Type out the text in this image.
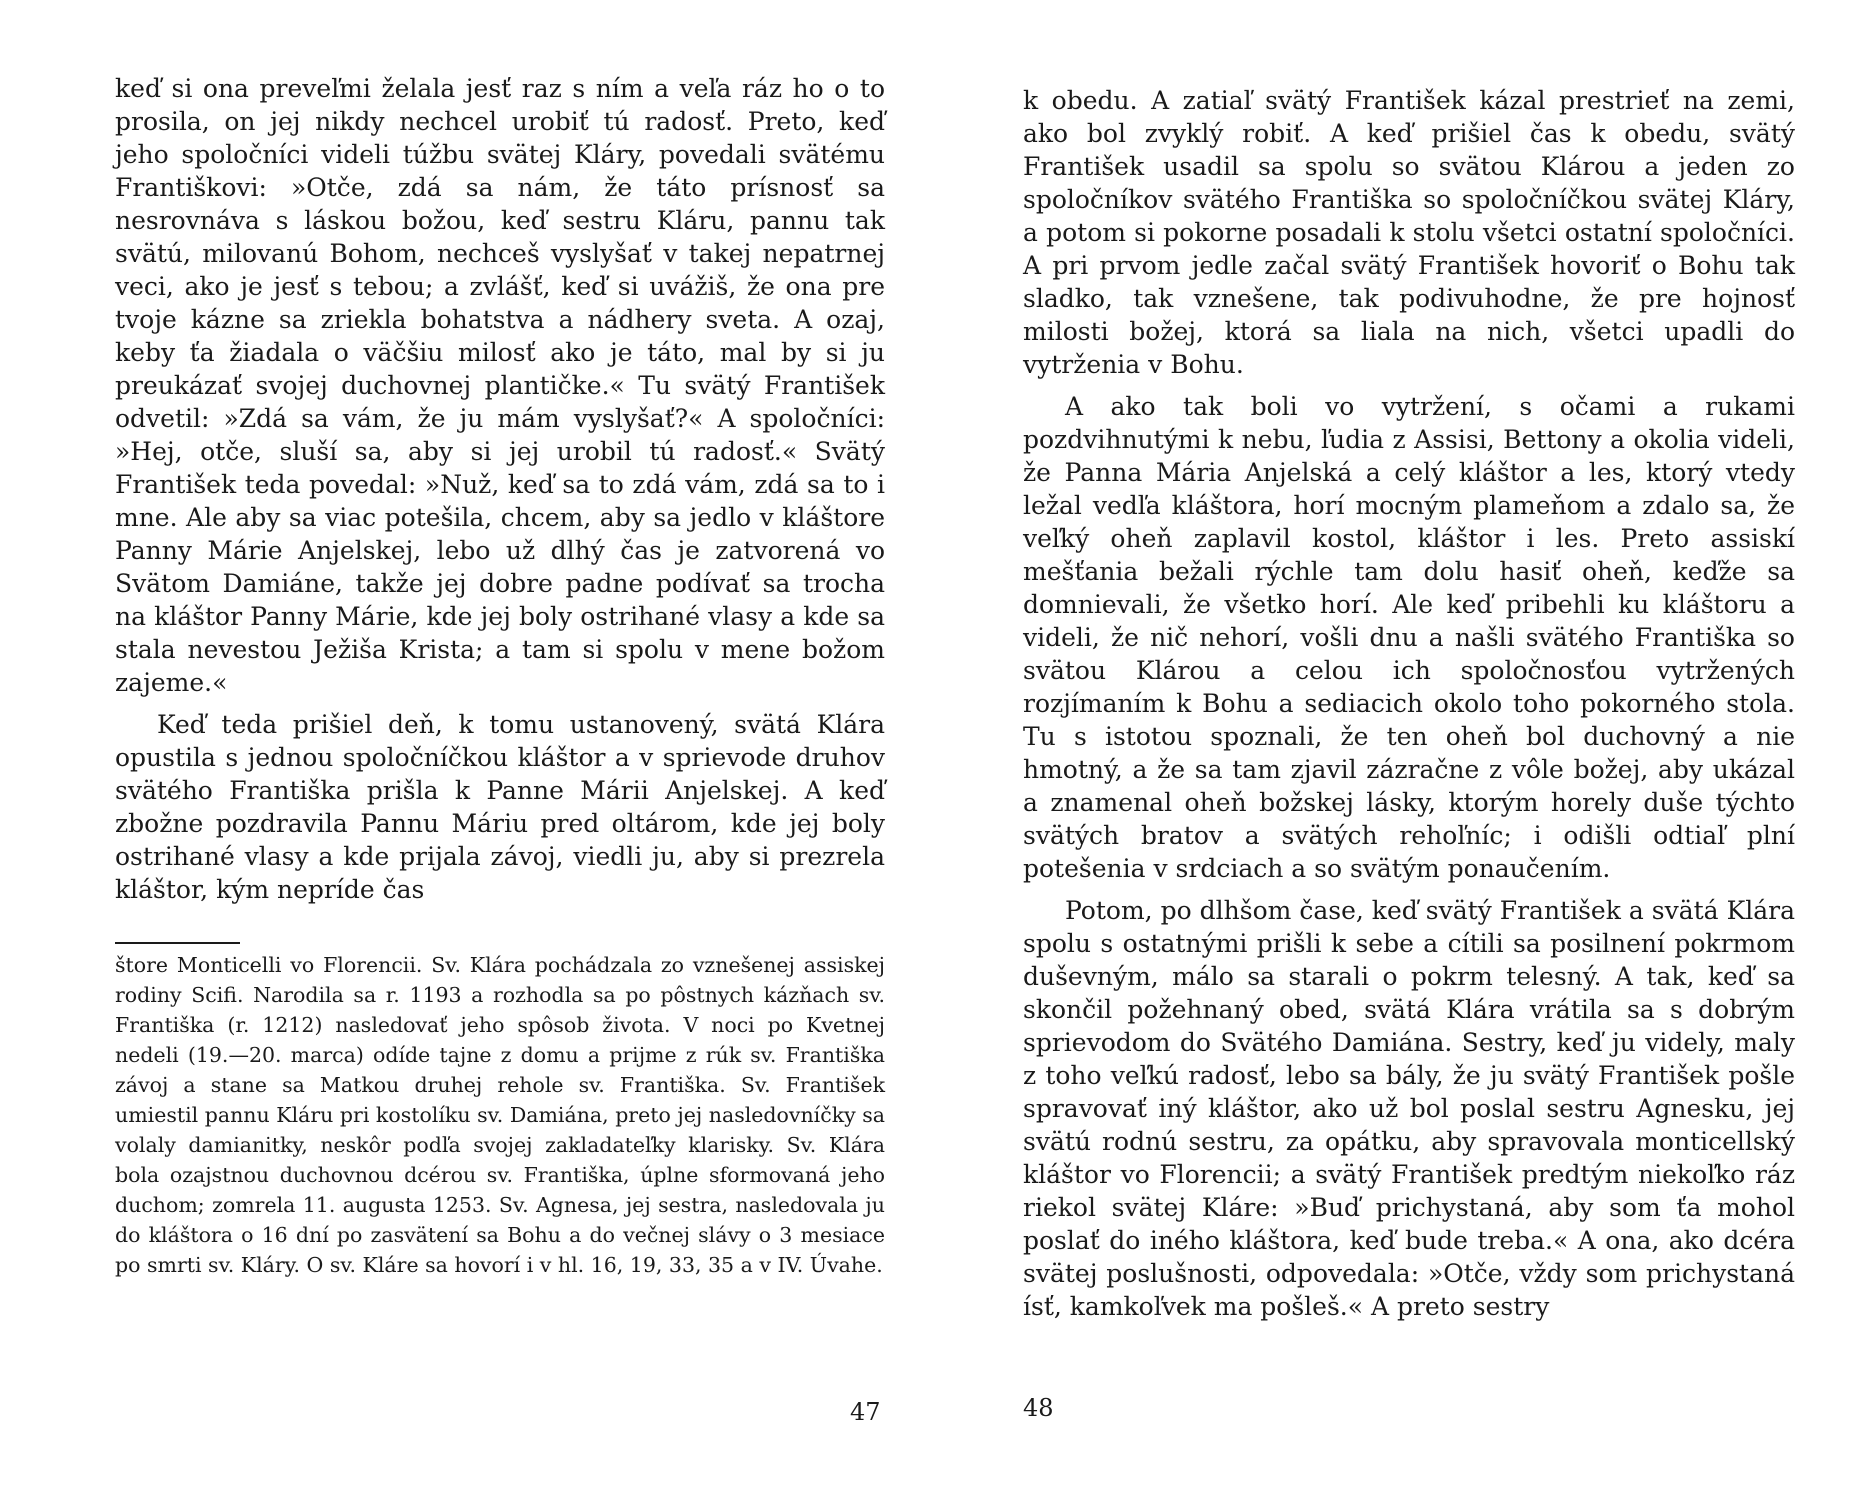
keď si ona preveľmi želala jesť raz s ním a veľa ráz ho o to prosila, on jej nikdy nechcel urobiť tú radosť. Preto, keď jeho spoločníci videli túžbu svätej Kláry, povedali svätému Františkovi: »Otče, zdá sa nám, že táto prísnosť sa nesrovnáva s láskou božou, keď sestru Kláru, pannu tak svätú, milovanú Bohom, nechceš vyslyšať v takej nepatrnej veci, ako je jesť s tebou; a zvlášť, keď si uvážiš, že ona pre tvoje kázne sa zriekla bohatstva a nádhery sveta. A ozaj, keby ťa žiadala o väčšiu milosť ako je táto, mal by si ju preukázať svojej duchovnej plantičke.« Tu svätý František odvetil: »Zdá sa vám, že ju mám vyslyšať?« A spoločníci: »Hej, otče, sluší sa, aby si jej urobil tú radosť.« Svätý František teda povedal: »Nuž, keď sa to zdá vám, zdá sa to i mne. Ale aby sa viac potešila, chcem, aby sa jedlo v kláštore Panny Márie Anjelskej, lebo už dlhý čas je zatvorená vo Svätom Damiáne, takže jej dobre padne podívať sa trocha na kláštor Panny Márie, kde jej boly ostrihané vlasy a kde sa stala nevestou Ježiša Krista; a tam si spolu v mene božom zajeme.«

Keď teda prišiel deň, k tomu ustanovený, svätá Klára opustila s jednou spoločníčkou kláštor a v sprievode druhov svätého Františka prišla k Panne Márii Anjelskej. A keď zbožne pozdravila Pannu Máriu pred oltárom, kde jej boly ostrihané vlasy a kde prijala závoj, viedli ju, aby si prezrela kláštor, kým nepríde čas

štore Monticelli vo Florencii. Sv. Klára pochádzala zo vznešenej assiskej rodiny Scifi. Narodila sa r. 1193 a rozhodla sa po pôstnych kázňach sv. Františka (r. 1212) nasledovať jeho spôsob života. V noci po Kvetnej nedeli (19.—20. marca) odíde tajne z domu a prijme z rúk sv. Františka závoj a stane sa Matkou druhej rehole sv. Františka. Sv. František umiestil pannu Kláru pri kostolíku sv. Damiána, preto jej nasledovníčky sa volaly damianitky, neskôr podľa svojej zakladateľky klarisky. Sv. Klára bola ozajstnou duchovnou dcérou sv. Františka, úplne sformovaná jeho duchom; zomrela 11. augusta 1253. Sv. Agnesa, jej sestra, nasledovala ju do kláštora o 16 dní po zasvätení sa Bohu a do večnej slávy o 3 mesiace po smrti sv. Kláry. O sv. Kláre sa hovorí i v hl. 16, 19, 33, 35 a v IV. Úvahe.

47

k obedu. A zatiaľ svätý František kázal prestrieť na zemi, ako bol zvyklý robiť. A keď prišiel čas k obedu, svätý František usadil sa spolu so svätou Klárou a jeden zo spoločníkov svätého Františka so spoločníčkou svätej Kláry, a potom si pokorne posadali k stolu všetci ostatní spoločníci. A pri prvom jedle začal svätý František hovoriť o Bohu tak sladko, tak vznešene, tak podivuhodne, že pre hojnosť milosti božej, ktorá sa liala na nich, všetci upadli do vytrženia v Bohu.

A ako tak boli vo vytržení, s očami a rukami pozdvihnutými k nebu, ľudia z Assisi, Bettony a okolia videli, že Panna Mária Anjelská a celý kláštor a les, ktorý vtedy ležal vedľa kláštora, horí mocným plameňom a zdalo sa, že veľký oheň zaplavil kostol, kláštor i les. Preto assiskí mešťania bežali rýchle tam dolu hasiť oheň, keďže sa domnievali, že všetko horí. Ale keď pribehli ku kláštoru a videli, že nič nehorí, vošli dnu a našli svätého Františka so svätou Klárou a celou ich spoločnosťou vytržených rozjímaním k Bohu a sediacich okolo toho pokorného stola. Tu s istotou spoznali, že ten oheň bol duchovný a nie hmotný, a že sa tam zjavil zázračne z vôle božej, aby ukázal a znamenal oheň božskej lásky, ktorým horely duše týchto svätých bratov a svätých rehoľníc; i odišli odtiaľ plní potešenia v srdciach a so svätým ponaučením.

Potom, po dlhšom čase, keď svätý František a svätá Klára spolu s ostatnými prišli k sebe a cítili sa posilnení pokrmom duševným, málo sa starali o pokrm telesný. A tak, keď sa skončil požehnaný obed, svätá Klára vrátila sa s dobrým sprievodom do Svätého Damiána. Sestry, keď ju videly, maly z toho veľkú radosť, lebo sa bály, že ju svätý František pošle spravovať iný kláštor, ako už bol poslal sestru Agnesku, jej svätú rodnú sestru, za opátku, aby spravovala monticellský kláštor vo Florencii; a svätý František predtým niekoľko ráz riekol svätej Kláre: »Buď prichystaná, aby som ťa mohol poslať do iného kláštora, keď bude treba.« A ona, ako dcéra svätej poslušnosti, odpovedala: »Otče, vždy som prichystaná ísť, kamkoľvek ma pošleš.« A preto sestry

48
